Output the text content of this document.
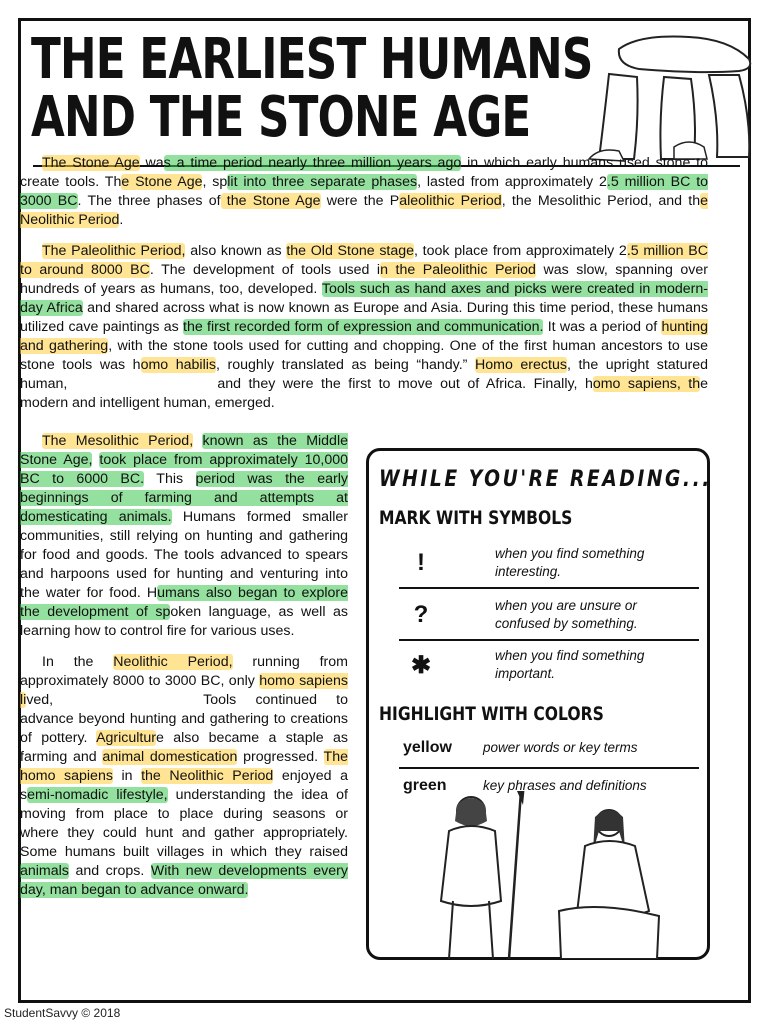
THE EARLIEST HUMANS
AND THE STONE AGE

The Stone Age was a time period nearly three million years ago in which early humans used stone to create tools. The Stone Age, split into three separate phases, lasted from approximately 2.5 million BC to 3000 BC. The three phases of the Stone Age were the Paleolithic Period, the Mesolithic Period, and the Neolithic Period.

The Paleolithic Period, also known as the Old Stone stage, took place from approximately 2.5 million BC to around 8000 BC. The development of tools used in the Paleolithic Period was slow, spanning over hundreds of years as humans, too, developed. Tools such as hand axes and picks were created in modern-day Africa and shared across what is now known as Europe and Asia. During this time period, these humans utilized cave paintings as the first recorded form of expression and communication. It was a period of hunting and gathering, with the stone tools used for cutting and chopping. One of the first human ancestors to use stone tools was homo habilis, roughly translated as being “handy.” Homo erectus, the upright statured human,	and they were the first to move out of Africa. Finally, homo sapiens, the modern and intelligent human, emerged.

The Mesolithic Period, known as the Middle Stone Age, took place from approximately 10,000 BC to 6000 BC. This period was the early beginnings of farming and attempts at domesticating animals. Humans formed smaller communities, still relying on hunting and gathering for food and goods. The tools advanced to spears and harpoons used for hunting and venturing into the water for food. Humans also began to explore the development of spoken language, as well as learning how to control fire for various uses.

In the Neolithic Period, running from approximately 8000 to 3000 BC, only homo sapiens lived,	Tools continued to advance beyond hunting and gathering to creations of pottery. Agriculture also became a staple as farming and animal domestication progressed. The homo sapiens in the Neolithic Period enjoyed a semi-nomadic lifestyle, understanding the idea of moving from place to place during seasons or where they could hunt and gather appropriately. Some humans built villages in which they raised animals and crops. With new developments every day, man began to advance onward.

WHILE YOU'RE READING...
MARK WITH SYMBOLS
!	when you find something interesting.
?	when you are unsure or confused by something.
✱	when you find something important.
HIGHLIGHT WITH COLORS
yellow power words or key terms
green	key phrases and definitions
StudentSavvy © 2018
